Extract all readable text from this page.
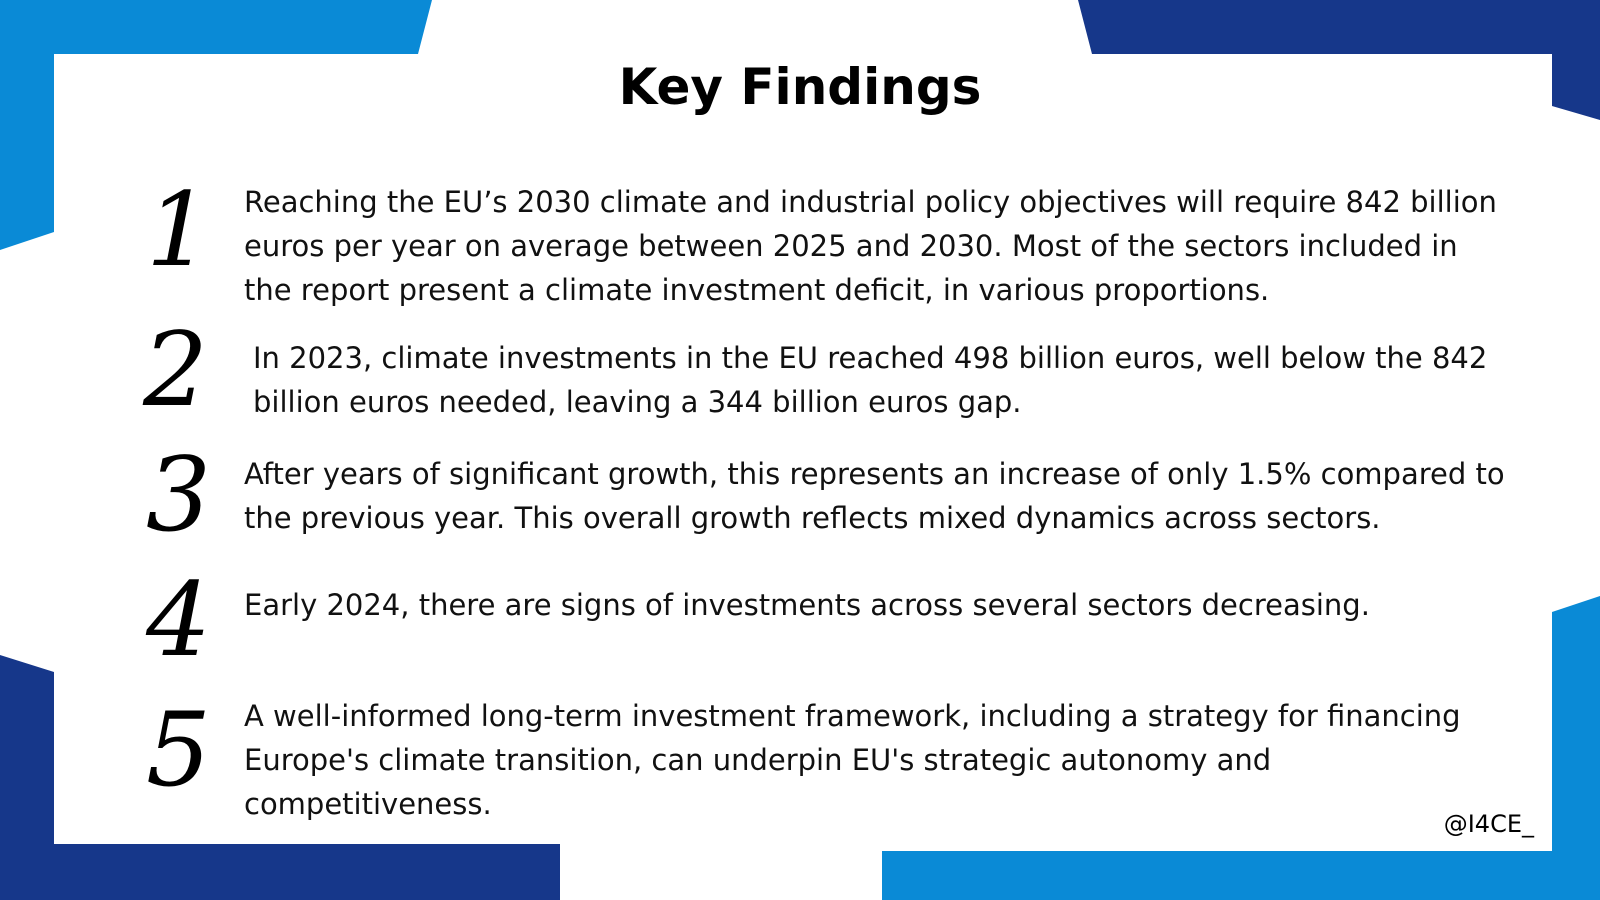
Key Findings
1 Reaching the EU’s 2030 climate and industrial policy objectives will require 842 billion euros per year on average between 2025 and 2030. Most of the sectors included in the report present a climate investment deficit, in various proportions.
2 In 2023, climate investments in the EU reached 498 billion euros, well below the 842 billion euros needed, leaving a 344 billion euros gap.
3 After years of significant growth, this represents an increase of only 1.5% compared to the previous year. This overall growth reflects mixed dynamics across sectors.
4 Early 2024, there are signs of investments across several sectors decreasing.
5 A well-informed long-term investment framework, including a strategy for financing Europe's climate transition, can underpin EU's strategic autonomy and competitiveness.
@I4CE_
